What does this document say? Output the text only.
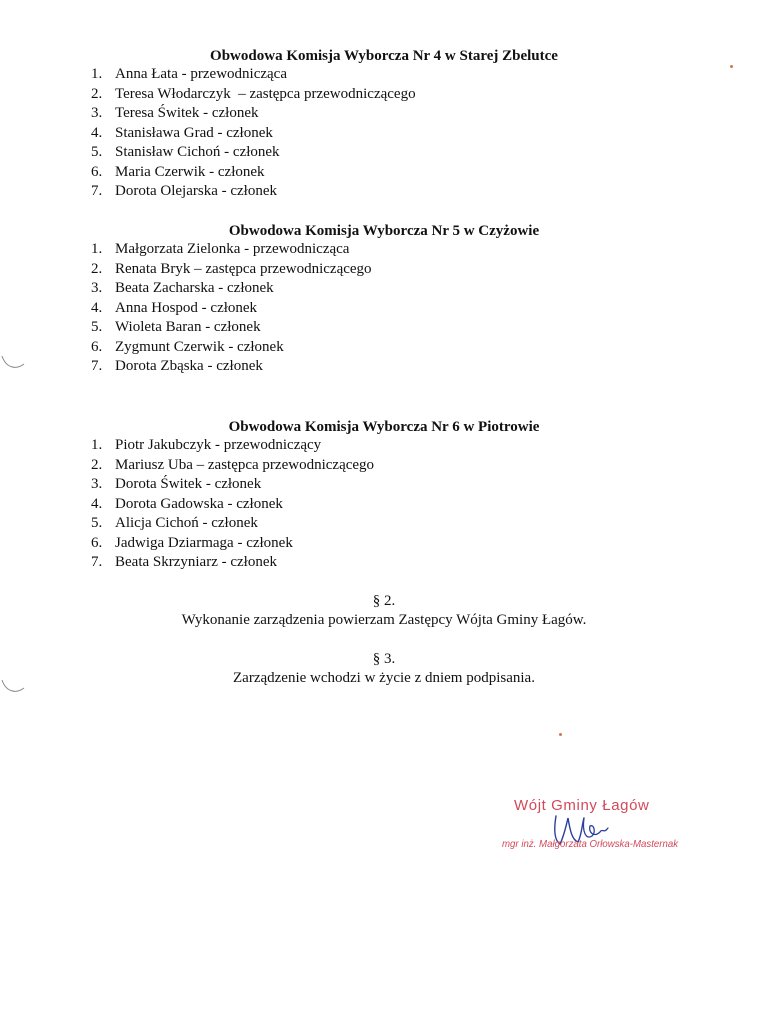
Obwodowa Komisja Wyborcza Nr 4 w Starej Zbelutce
1. Anna Łata - przewodnicząca
2. Teresa Włodarczyk  – zastępca przewodniczącego
3. Teresa Świtek - członek
4. Stanisława Grad - członek
5. Stanisław Cichoń - członek
6. Maria Czerwik - członek
7. Dorota Olejarska - członek
Obwodowa Komisja Wyborcza Nr 5 w Czyżowie
1. Małgorzata Zielonka - przewodnicząca
2. Renata Bryk – zastępca przewodniczącego
3. Beata Zacharska - członek
4. Anna Hospod - członek
5. Wioleta Baran - członek
6. Zygmunt Czerwik - członek
7. Dorota Zbąska - członek
Obwodowa Komisja Wyborcza Nr 6 w Piotrowie
1. Piotr Jakubczyk - przewodniczący
2. Mariusz Uba – zastępca przewodniczącego
3. Dorota Świtek - członek
4. Dorota Gadowska - członek
5. Alicja Cichoń - członek
6. Jadwiga Dziarmaga - członek
7. Beata Skrzyniarz - członek
§ 2.
Wykonanie zarządzenia powierzam Zastępcy Wójta Gminy Łagów.
§ 3.
Zarządzenie wchodzi w życie z dniem podpisania.
Wójt Gminy Łagów
mgr inż. Małgorzata Orłowska-Masternak
